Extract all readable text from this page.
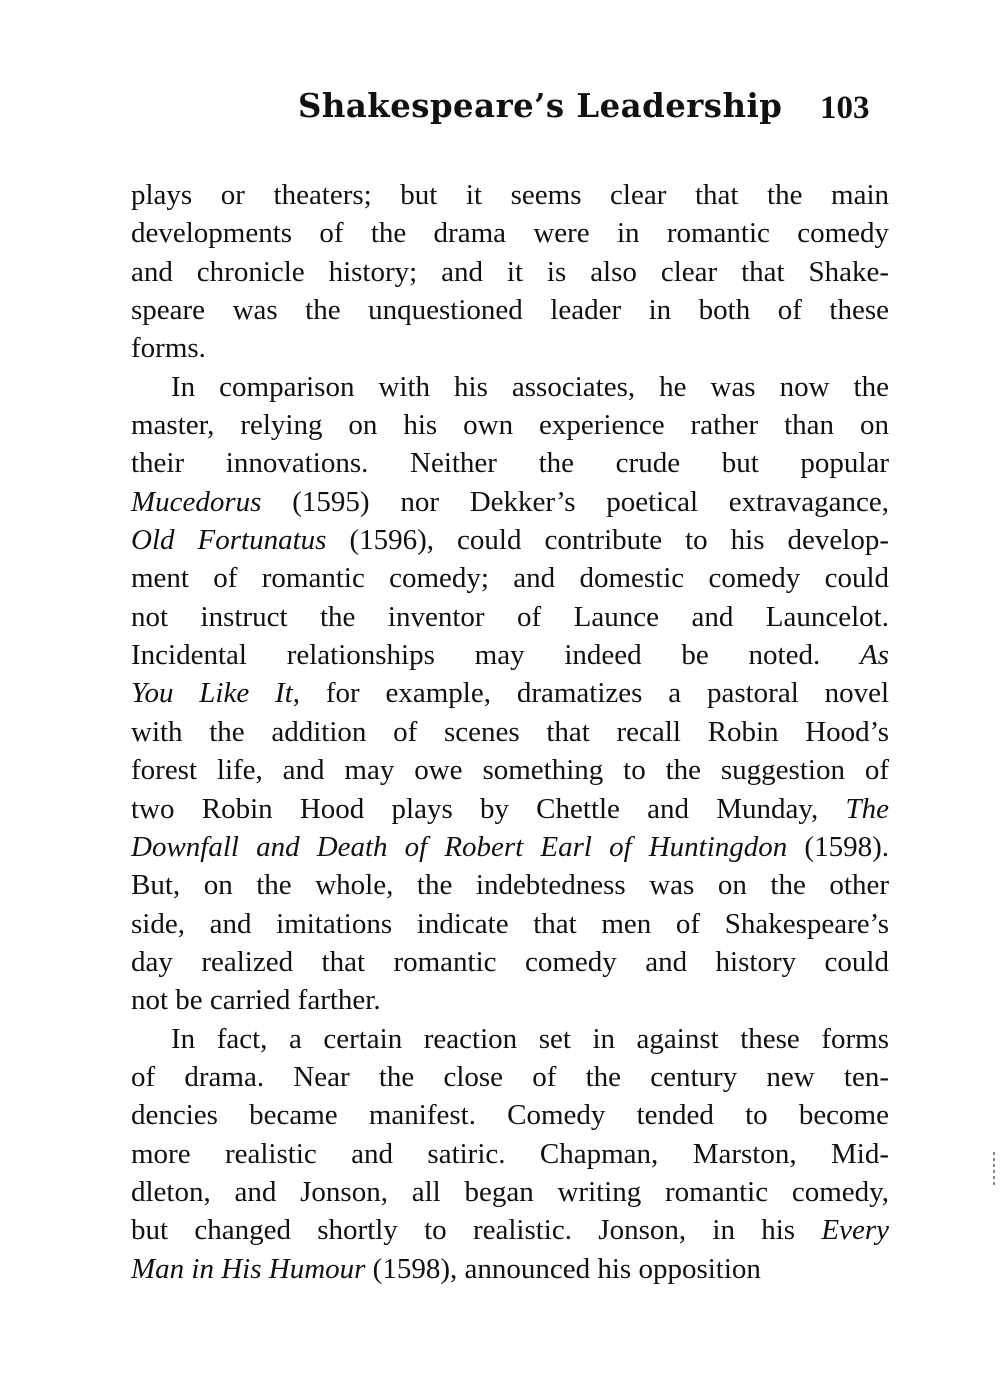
Shakespeare’s Leadership 103
plays or theaters; but it seems clear that the main
developments of the drama were in romantic comedy
and chronicle history; and it is also clear that Shake-
speare was the unquestioned leader in both of these
forms.
In comparison with his associates, he was now the
master, relying on his own experience rather than on
their innovations. Neither the crude but popular
Mucedorus (1595) nor Dekker’s poetical extravagance,
Old Fortunatus (1596), could contribute to his develop-
ment of romantic comedy; and domestic comedy could
not instruct the inventor of Launce and Launcelot.
Incidental relationships may indeed be noted. As
You Like It, for example, dramatizes a pastoral novel
with the addition of scenes that recall Robin Hood’s
forest life, and may owe something to the suggestion of
two Robin Hood plays by Chettle and Munday, The
Downfall and Death of Robert Earl of Huntingdon (1598).
But, on the whole, the indebtedness was on the other
side, and imitations indicate that men of Shakespeare’s
day realized that romantic comedy and history could
not be carried farther.
In fact, a certain reaction set in against these forms
of drama. Near the close of the century new ten-
dencies became manifest. Comedy tended to become
more realistic and satiric. Chapman, Marston, Mid-
dleton, and Jonson, all began writing romantic comedy,
but changed shortly to realistic. Jonson, in his Every
Man in His Humour (1598), announced his opposition
